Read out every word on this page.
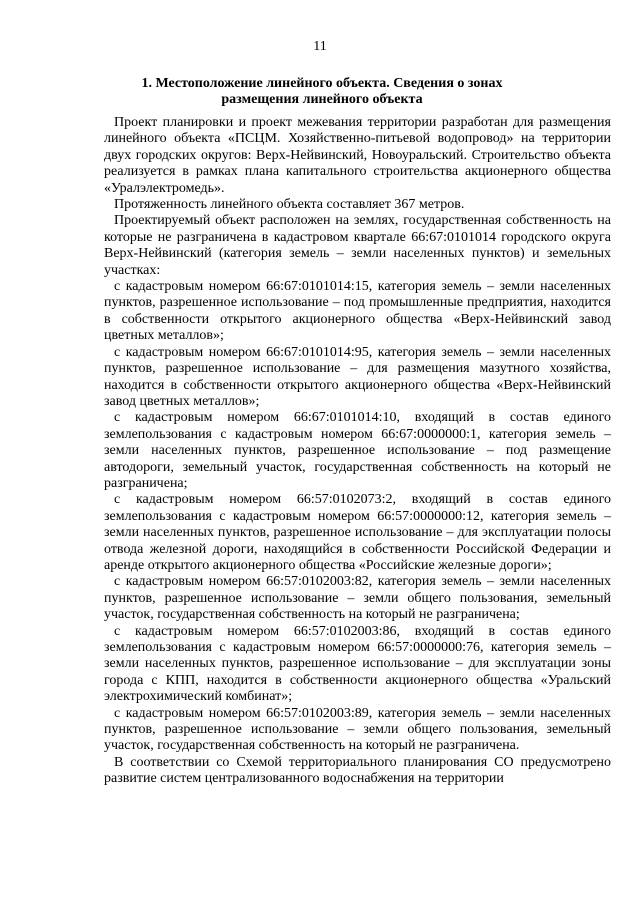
11
1. Местоположение линейного объекта. Сведения о зонах размещения линейного объекта

Проект планировки и проект межевания территории разработан для размещения линейного объекта «ПСЦМ. Хозяйственно-питьевой водопровод» на территории двух городских округов: Верх-Нейвинский, Новоуральский. Строительство объекта реализуется в рамках плана капитального строительства акционерного общества «Уралэлектромедь».

Протяженность линейного объекта составляет 367 метров.

Проектируемый объект расположен на землях, государственная собственность на которые не разграничена в кадастровом квартале 66:67:0101014 городского округа Верх-Нейвинский (категория земель – земли населенных пунктов) и земельных участках:

с кадастровым номером 66:67:0101014:15, категория земель – земли населенных пунктов, разрешенное использование – под промышленные предприятия, находится в собственности открытого акционерного общества «Верх-Нейвинский завод цветных металлов»;

с кадастровым номером 66:67:0101014:95, категория земель – земли населенных пунктов, разрешенное использование – для размещения мазутного хозяйства, находится в собственности открытого акционерного общества «Верх-Нейвинский завод цветных металлов»;

с кадастровым номером 66:67:0101014:10, входящий в состав единого землепользования с кадастровым номером 66:67:0000000:1, категория земель – земли населенных пунктов, разрешенное использование – под размещение автодороги, земельный участок, государственная собственность на который не разграничена;

с кадастровым номером 66:57:0102073:2, входящий в состав единого землепользования с кадастровым номером 66:57:0000000:12, категория земель – земли населенных пунктов, разрешенное использование – для эксплуатации полосы отвода железной дороги, находящийся в собственности Российской Федерации и аренде открытого акционерного общества «Российские железные дороги»;

с кадастровым номером 66:57:0102003:82, категория земель – земли населенных пунктов, разрешенное использование – земли общего пользования, земельный участок, государственная собственность на который не разграничена;

с кадастровым номером 66:57:0102003:86, входящий в состав единого землепользования с кадастровым номером 66:57:0000000:76, категория земель – земли населенных пунктов, разрешенное использование – для эксплуатации зоны города с КПП, находится в собственности акционерного общества «Уральский электрохимический комбинат»;

с кадастровым номером 66:57:0102003:89, категория земель – земли населенных пунктов, разрешенное использование – земли общего пользования, земельный участок, государственная собственность на который не разграничена.

В соответствии со Схемой территориального планирования СО предусмотрено развитие систем централизованного водоснабжения на территории
